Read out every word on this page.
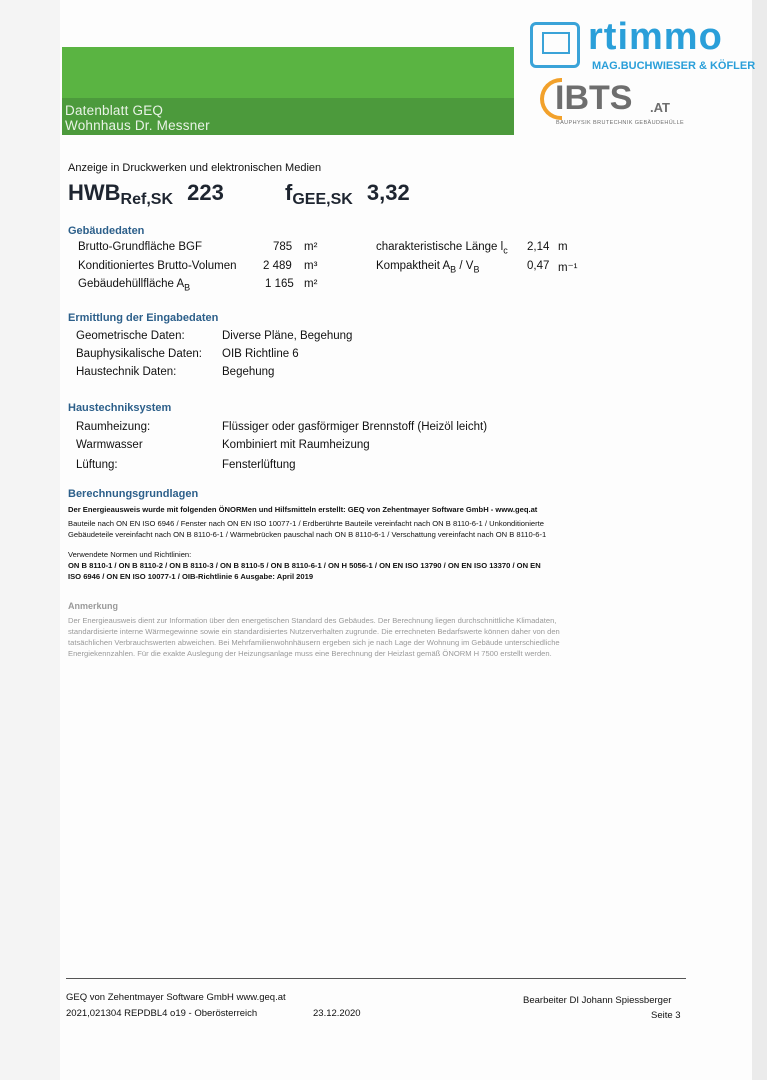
Datenblatt GEQ
Wohnhaus Dr. Messner
rtimmo
MAG.BUCHWIESER & KÖFLER
IBTS .AT
BAUPHYSIK BRUTECHNIK GEBÄUDEHÜLLE
Anzeige in Druckwerken und elektronischen Medien
$HWB_{Ref,SK}$ 223	$f_{GEE,SK}$ 3,32
Gebäudedaten
Brutto-Grundfläche BGF	785 m²
Konditioniertes Brutto-Volumen 2 489 m³
Gebäudehüllfläche $A_B$	1 165 m²
charakteristische Länge $l_c$ 2,14 m
Kompaktheit $A_B / V_B$	0,47 m⁻¹
Ermittlung der Eingabedaten
Geometrische Daten:	Diverse Pläne, Begehung
Bauphysikalische Daten: OIB Richtline 6
Haustechnik Daten:	Begehung
Haustechniksystem
Raumheizung:	Flüssiger oder gasförmiger Brennstoff (Heizöl leicht)
Warmwasser	Kombiniert mit Raumheizung
Lüftung:	Fensterlüftung
Berechnungsgrundlagen
Der Energieausweis wurde mit folgenden ÖNORMen und Hilfsmitteln erstellt: GEQ von Zehentmayer Software GmbH - www.geq.at
Bauteile nach ON EN ISO 6946 / Fenster nach ON EN ISO 10077-1 / Erdberührte Bauteile vereinfacht nach ON B 8110-6-1 / Unkonditionierte
Gebäudeteile vereinfacht nach ON B 8110-6-1 / Wärmebrücken pauschal nach ON B 8110-6-1 / Verschattung vereinfacht nach ON B 8110-6-1
Verwendete Normen und Richtlinien:
ON B 8110-1 / ON B 8110-2 / ON B 8110-3 / ON B 8110-5 / ON B 8110-6-1 / ON H 5056-1 / ON EN ISO 13790 / ON EN ISO 13370 / ON EN
ISO 6946 / ON EN ISO 10077-1 / OIB-Richtlinie 6 Ausgabe: April 2019
Anmerkung
Der Energieausweis dient zur Information über den energetischen Standard des Gebäudes. Der Berechnung liegen durchschnittliche Klimadaten,
standardisierte interne Wärmegewinne sowie ein standardisiertes Nutzerverhalten zugrunde. Die errechneten Bedarfswerte können daher von den
tatsächlichen Verbrauchswerten abweichen. Bei Mehrfamilienwohnhäusern ergeben sich je nach Lage der Wohnung im Gebäude unterschiedliche
Energiekennzahlen. Für die exakte Auslegung der Heizungsanlage muss eine Berechnung der Heizlast gemäß ÖNORM H 7500 erstellt werden.
GEQ von Zehentmayer Software GmbH www.geq.at
2021,021304 REPDBL4 o19 - Oberösterreich	23.12.2020
Bearbeiter DI Johann Spiessberger
Seite 3
